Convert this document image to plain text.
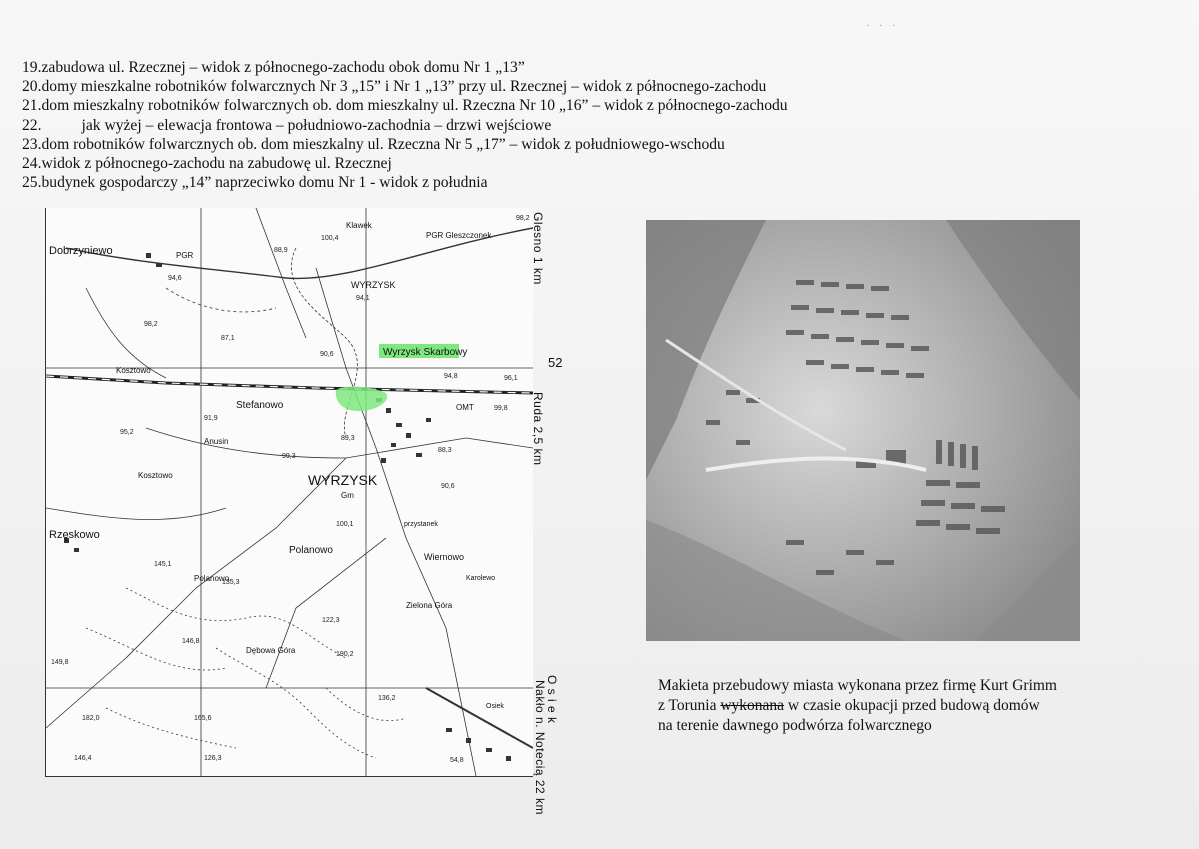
. . .
19.zabudowa ul. Rzecznej – widok z północnego-zachodu obok domu Nr 1 „13”
20.domy mieszkalne robotników folwarcznych Nr 3 „15” i Nr 1 „13” przy ul. Rzecznej – widok z północnego-zachodu
21.dom mieszkalny robotników folwarcznych ob. dom mieszkalny ul. Rzeczna Nr 10 „16” – widok z północnego-zachodu
22.	jak wyżej – elewacja frontowa – południowo-zachodnia – drzwi wejściowe
23.dom robotników folwarcznych ob. dom mieszkalny ul. Rzeczna Nr 5 „17” – widok z południowego-wschodu
24.widok z północnego-zachodu na zabudowę ul. Rzecznej
25.budynek gospodarczy „14” naprzeciwko domu Nr 1 - widok z południa
Wyrzysk Skarbowy
Dobrzyniewo	PGR
PGR Gleszczonek
WYRZYSK
Stefanowo
WYRZYSK
Gm
Rzęskowo
Polanowo
Anusin
Kosztowo
Wiernowo
Karolewo
Zielona Góra
Dębowa Góra
OMT
Polanowo
Kosztowo
przystanek
Klawek
Osiek
98,2
100,4
88,9
94,6
94,1
98,2
87,1
90,6
94,8	96,1
99,8
91,9
95,2
89,3
88,3
99,3
90,6
100,1
145,1
135,3
122,3
146,8
149,8
190,2
136,2
165,6
182,0
126,3
146,4	54,8
Glesno 1 km
52
Ruda 2,5 km
Nakło n. Notecią 22 km
O s i e k	Makieta przebudowy miasta wykonana przez firmę Kurt Grimm
z Torunia wykonana w czasie okupacji przed budową domów
na terenie dawnego podwórza folwarcznego
